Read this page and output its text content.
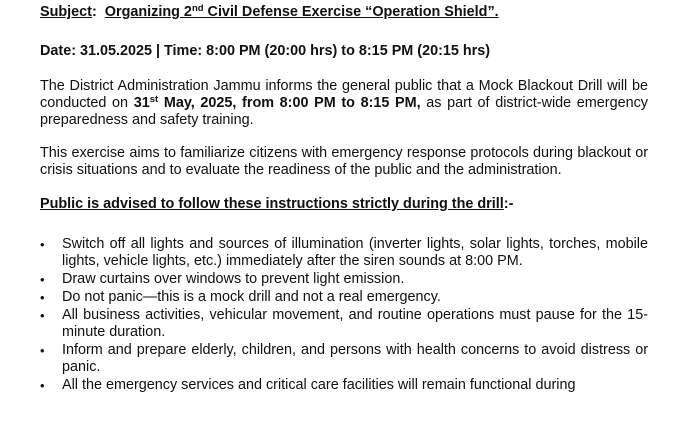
Subject: Organizing 2nd Civil Defense Exercise “Operation Shield”.
Date: 31.05.2025 | Time: 8:00 PM (20:00 hrs) to 8:15 PM (20:15 hrs)
The District Administration Jammu informs the general public that a Mock Blackout Drill will be conducted on 31st May, 2025, from 8:00 PM to 8:15 PM, as part of district-wide emergency preparedness and safety training.
This exercise aims to familiarize citizens with emergency response protocols during blackout or crisis situations and to evaluate the readiness of the public and the administration.
Public is advised to follow these instructions strictly during the drill:-
•	Switch off all lights and sources of illumination (inverter lights, solar lights, torches, mobile lights, vehicle lights, etc.) immediately after the siren sounds at 8:00 PM.
•	Draw curtains over windows to prevent light emission.
•	Do not panic—this is a mock drill and not a real emergency.
•	All business activities, vehicular movement, and routine operations must pause for the 15-minute duration.
•	Inform and prepare elderly, children, and persons with health concerns to avoid distress or panic.
•	All the emergency services and critical care facilities will remain functional during
